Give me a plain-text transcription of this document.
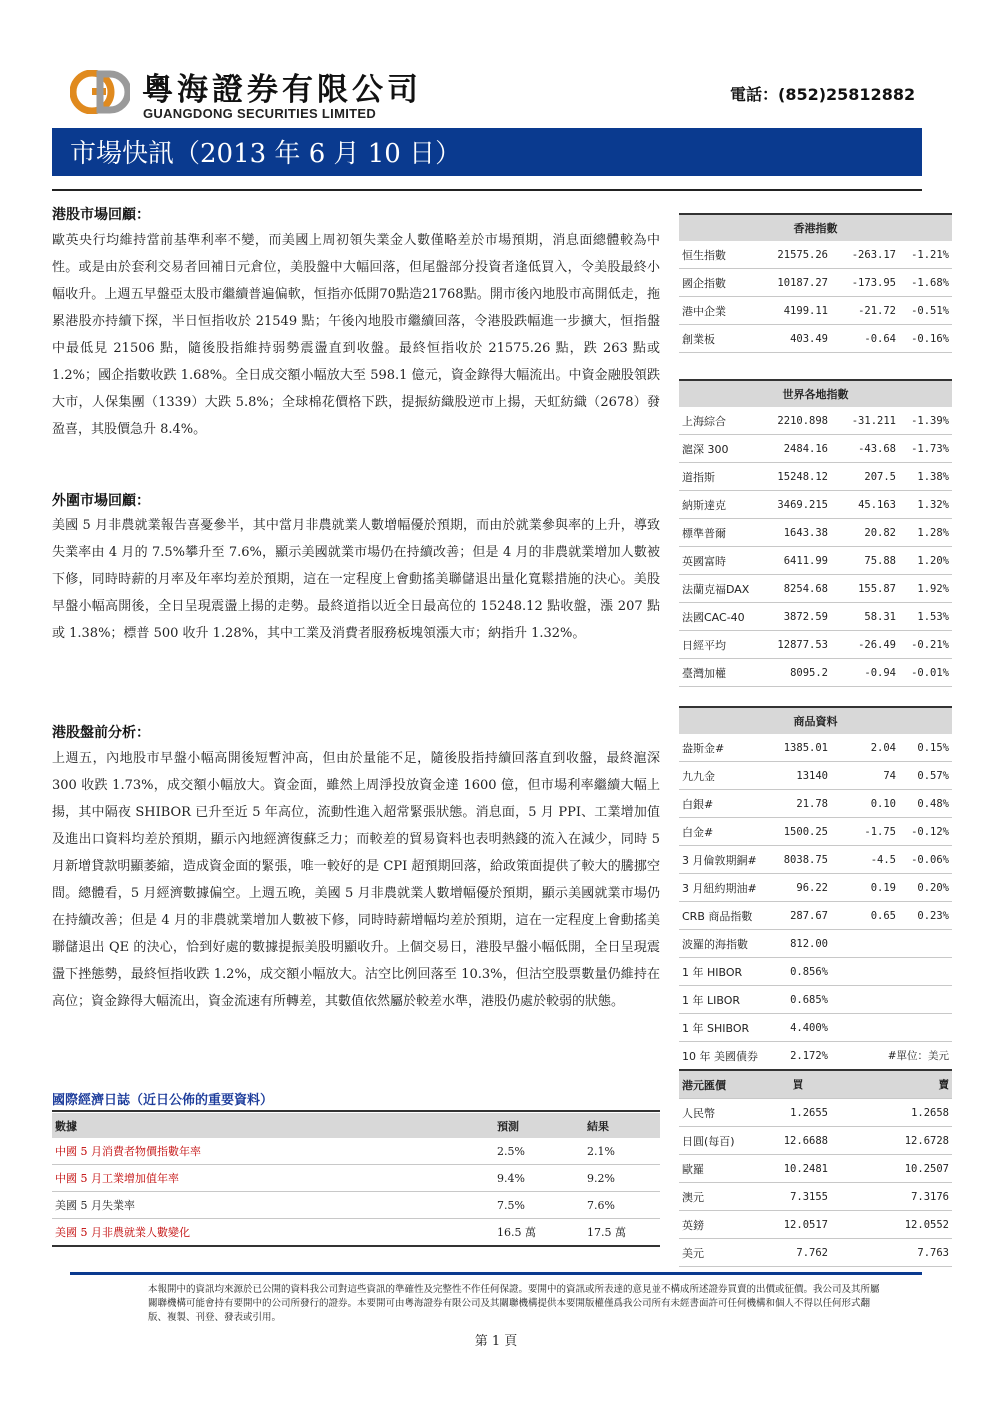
粵海證券有限公司
GUANGDONG SECURITIES LIMITED
電話：(852)25812882
市場快訊（2013 年 6 月 10 日）
港股市場回顧：

歐英央行均維持當前基準利率不變，而美國上周初領失業金人數僅略差於市場預期，消息面總體較為中性。或是由於套利交易者回補日元倉位，美股盤中大幅回落，但尾盤部分投資者逢低買入，令美股最終小幅收升。上週五早盤亞太股市繼續普遍偏軟，恒指亦低開70點造21768點。開市後內地股市高開低走，拖累港股亦持續下探，半日恒指收於 21549 點；午後內地股市繼續回落，令港股跌幅進一步擴大，恒指盤中最低見 21506 點，隨後股指維持弱勢震盪直到收盤。最終恒指收於 21575.26 點，跌 263 點或 1.2%；國企指數收跌 1.68%。全日成交額小幅放大至 598.1 億元，資金錄得大幅流出。中資金融股領跌大市，人保集團（1339）大跌 5.8%；全球棉花價格下跌，提振紡織股逆市上揚，天虹紡織（2678）發盈喜，其股價急升 8.4%。

外圍市場回顧：

美國 5 月非農就業報告喜憂參半，其中當月非農就業人數增幅優於預期，而由於就業參與率的上升，導致失業率由 4 月的 7.5%攀升至 7.6%，顯示美國就業市場仍在持續改善；但是 4 月的非農就業增加人數被下修，同時時薪的月率及年率均差於預期，這在一定程度上會動搖美聯儲退出量化寬鬆措施的決心。美股早盤小幅高開後，全日呈現震盪上揚的走勢。最終道指以近全日最高位的 15248.12 點收盤，漲 207 點或 1.38%；標普 500 收升 1.28%，其中工業及消費者服務板塊領漲大市；納指升 1.32%。

港股盤前分析：

上週五，內地股市早盤小幅高開後短暫沖高，但由於量能不足，隨後股指持續回落直到收盤，最終滬深 300 收跌 1.73%，成交額小幅放大。資金面，雖然上周淨投放資金達 1600 億，但市場利率繼續大幅上揚，其中隔夜 SHIBOR 已升至近 5 年高位，流動性進入超常緊張狀態。消息面，5 月 PPI、工業增加值及進出口資料均差於預期，顯示內地經濟復蘇乏力；而較差的貿易資料也表明熱錢的流入在減少，同時 5 月新增貸款明顯萎縮，造成資金面的緊張，唯一較好的是 CPI 超預期回落，給政策面提供了較大的騰挪空間。總體看，5 月經濟數據偏空。上週五晚，美國 5 月非農就業人數增幅優於預期，顯示美國就業市場仍在持續改善；但是 4 月的非農就業增加人數被下修，同時時薪增幅均差於預期，這在一定程度上會動搖美聯儲退出 QE 的決心，恰到好處的數據提振美股明顯收升。上個交易日，港股早盤小幅低開，全日呈現震盪下挫態勢，最終恒指收跌 1.2%，成交額小幅放大。沽空比例回落至 10.3%，但沽空股票數量仍維持在高位；資金錄得大幅流出，資金流速有所轉差，其數值依然屬於較差水準，港股仍處於較弱的狀態。

香港指數			
恒生指數	21575.26	-263.17	-1.21%
國企指數	10187.27	-173.95	-1.68%
港中企業	4199.11	-21.72	-0.51%
創業板	403.49	-0.64	-0.16%
世界各地指數			
上海綜合	2210.898	-31.211	-1.39%
滬深 300	2484.16	-43.68	-1.73%
道指斯	15248.12	207.5	1.38%
納斯達克	3469.215	45.163	1.32%
標準普爾	1643.38	20.82	1.28%
英國富時	6411.99	75.88	1.20%
法蘭克福DAX	8254.68	155.87	1.92%
法國CAC-40	3872.59	58.31	1.53%
日經平均	12877.53	-26.49	-0.21%
臺灣加權	8095.2	-0.94	-0.01%
商品資料			
盎斯金#	1385.01	2.04	0.15%
九九金	13140	74	0.57%
白銀#	21.78	0.10	0.48%
白金#	1500.25	-1.75	-0.12%
3 月倫敦期銅#	8038.75	-4.5	-0.06%
3 月紐約期油#	96.22	0.19	0.20%
CRB 商品指數	287.67	0.65	0.23%
波羅的海指數	812.00		
1 年 HIBOR	0.856%		
1 年 LIBOR	0.685%		
1 年 SHIBOR	4.400%		
10 年 美國債券	2.172%	#單位：美元	
港元匯價	買		賣
人民幣	1.2655		1.2658
日圓(每百)	12.6688		12.6728
歐羅	10.2481		10.2507
澳元	7.3155		7.3176
英鎊	12.0517		12.0552
美元	7.762		7.763
國際經濟日誌（近日公佈的重要資料）
數據	預測	結果
中國 5 月消費者物價指數年率	2.5%	2.1%
中國 5 月工業增加值年率	9.4%	9.2%
美國 5 月失業率	7.5%	7.6%
美國 5 月非農就業人數變化	16.5 萬	17.5 萬

本報開中的資訊均來源於已公開的資料我公司對這些資訊的準確性及完整性不作任何保證。要開中的資訊或所表達的意見並不構成所述證券買賣的出價或征價。我公司及其所屬關聯機構可能會持有要開中的公司所發行的證券。本要開可由粵海證券有限公司及其關聯機構提供本要開版權僅爲我公司所有未經書面許可任何機構和個人不得以任何形式翻版、複製、刊登、發表或引用。

第 1 頁
